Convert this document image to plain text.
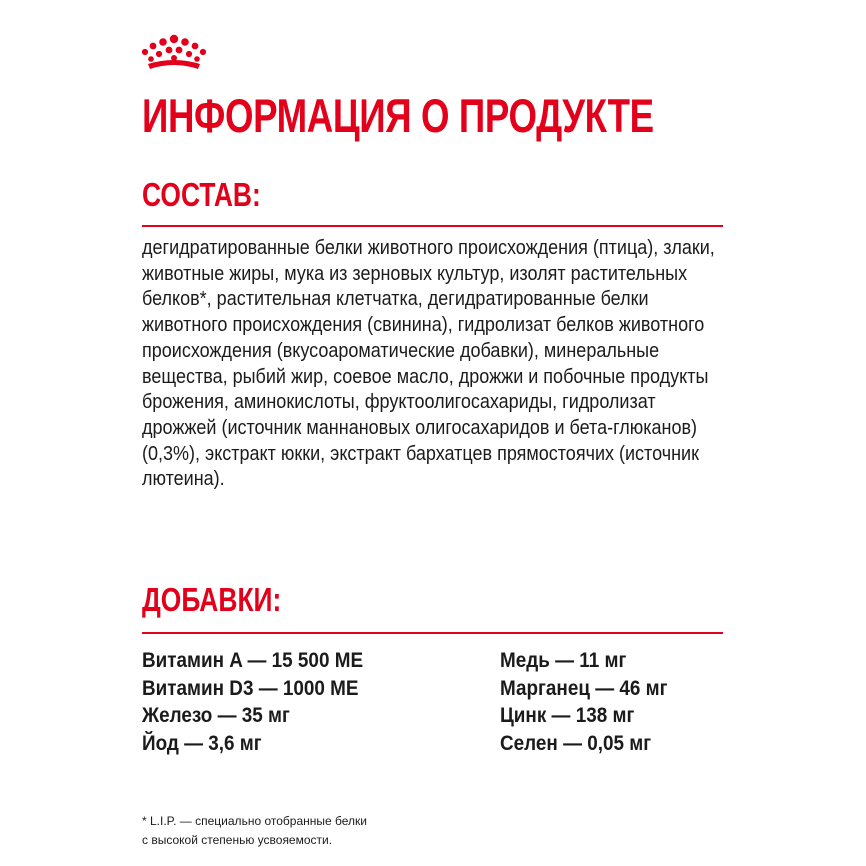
ИНФОРМАЦИЯ О ПРОДУКТЕ
СОСТАВ:

дегидратированные белки животного происхождения (птица), злаки, животные жиры, мука из зерновых культур, изолят растительных белков*, растительная клетчатка, дегидратированные белки животного происхождения (свинина), гидролизат белков животного происхождения (вкусоароматические добавки), минеральные вещества, рыбий жир, соевое масло, дрожжи и побочные продукты брожения, аминокислоты, фруктоолигосахариды, гидролизат дрожжей (источник маннановых олигосахаридов и бета-глюканов) (0,3%), экстракт юкки, экстракт бархатцев прямостоячих (источник лютеина).

ДОБАВКИ:
Витамин A — 15 500 МЕ
Витамин D3 — 1000 МЕ
Железо — 35 мг
Йод — 3,6 мг
Медь — 11 мг
Марганец — 46 мг
Цинк — 138 мг
Селен — 0,05 мг

* L.I.P. — специально отобранные белки
с высокой степенью усвояемости.
